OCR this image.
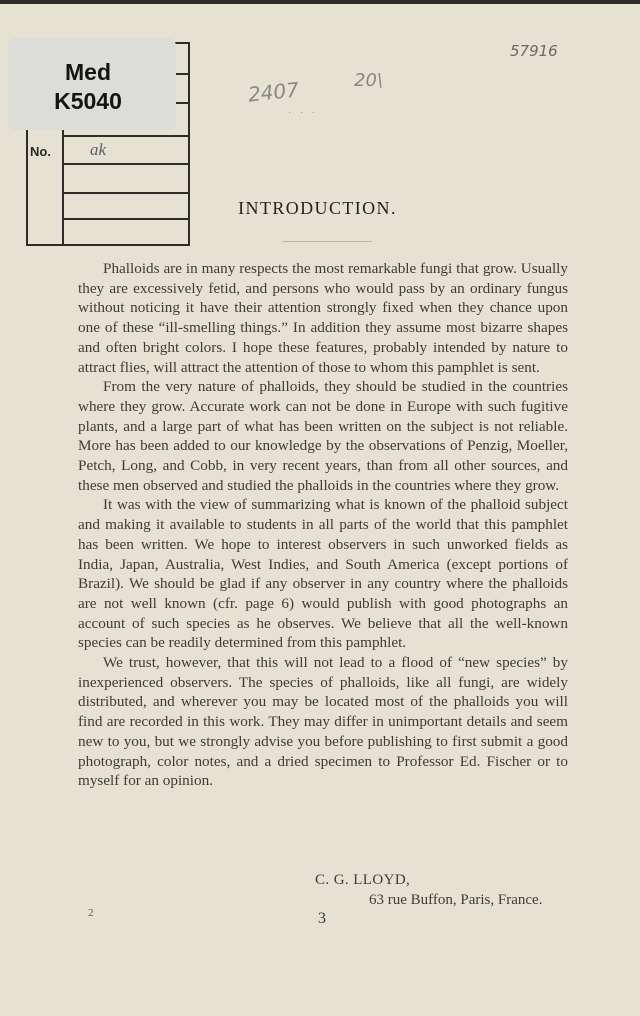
No. ak
Med
K5040	2407	20\
57916
· · ·
INTRODUCTION.

Phalloids are in many respects the most remarkable fungi that grow. Usually they are excessively fetid, and persons who would pass by an ordinary fungus without noticing it have their attention strongly fixed when they chance upon one of these “ill-smelling things.” In addition they assume most bizarre shapes and often bright colors. I hope these features, probably intended by nature to attract flies, will attract the attention of those to whom this pamphlet is sent.

From the very nature of phalloids, they should be studied in the countries where they grow. Accurate work can not be done in Europe with such fugitive plants, and a large part of what has been written on the subject is not reliable. More has been added to our knowledge by the observations of Penzig, Moeller, Petch, Long, and Cobb, in very recent years, than from all other sources, and these men observed and studied the phalloids in the countries where they grow.

It was with the view of summarizing what is known of the phalloid subject and making it available to students in all parts of the world that this pamphlet has been written. We hope to interest observers in such unworked fields as India, Japan, Australia, West Indies, and South America (except portions of Brazil). We should be glad if any observer in any country where the phalloids are not well known (cfr. page 6) would publish with good photographs an account of such species as he observes. We believe that all the well-known species can be readily determined from this pamphlet.

We trust, however, that this will not lead to a flood of “new species” by inexperienced observers. The species of phalloids, like all fungi, are widely distributed, and wherever you may be located most of the phalloids you will find are recorded in this work. They may differ in unimportant details and seem new to you, but we strongly advise you before publishing to first submit a good photograph, color notes, and a dried specimen to Professor Ed. Fischer or to myself for an opinion.

C. G. LLOYD,
63 rue Buffon, Paris, France.
2	3
